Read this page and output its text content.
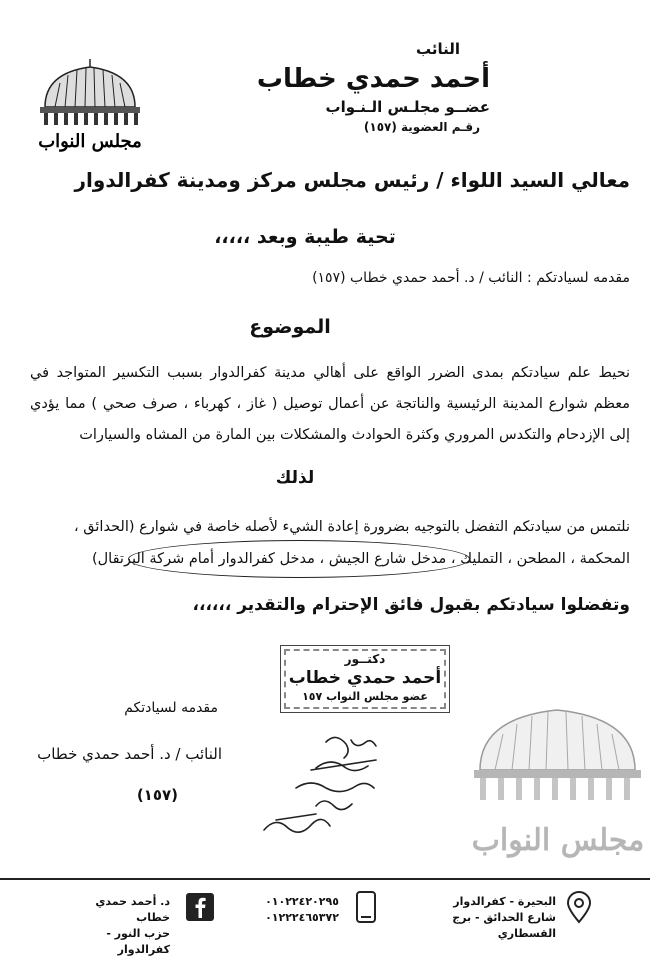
النائب
أحمد حمدي خطاب
عضــو مجلـس الـنـواب
رقـم العضوية (١٥٧)
مجلس النواب
معالي السيد اللواء / رئيس مجلس مركز ومدينة كفرالدوار
تحية طيبة وبعد ،،،،،
مقدمه لسيادتكم : النائب / د. أحمد حمدي خطاب (١٥٧)
الموضوع
نحيط علم سيادتكم بمدى الضرر الواقع على أهالي مدينة كفرالدوار بسبب التكسير المتواجد في معظم شوارع المدينة الرئيسية والناتجة عن أعمال توصيل ( غاز ، كهرباء ، صرف صحي ) مما يؤدي إلى الإزدحام والتكدس المروري وكثرة الحوادث والمشكلات بين المارة من المشاه والسيارات
لذلك
نلتمس من سيادتكم التفضل بالتوجيه بضرورة إعادة الشيء لأصله خاصة في شوارع (الحدائق ،
المحكمة ، المطحن ، التمليك ، مدخل شارع الجيش ، مدخل كفرالدوار أمام شركة البرتقال)
وتفضلوا سيادتكم بقبول فائق الإحترام والتقدير ،،،،،،
دكتــور
أحمد حمدي خطاب
عضو مجلس النواب ١٥٧
مقدمه لسيادتكم
النائب / د. أحمد حمدي خطاب
(١٥٧)
مجلس النواب
د. أحمد حمدي خطاب
حزب النور - كفرالدوار
٠١٠٢٢٤٢٠٢٩٥
٠١٢٢٢٤٦٥٣٧٢
البحيرة - كفرالدوار
شارع الحدائق - برج القسطاري
